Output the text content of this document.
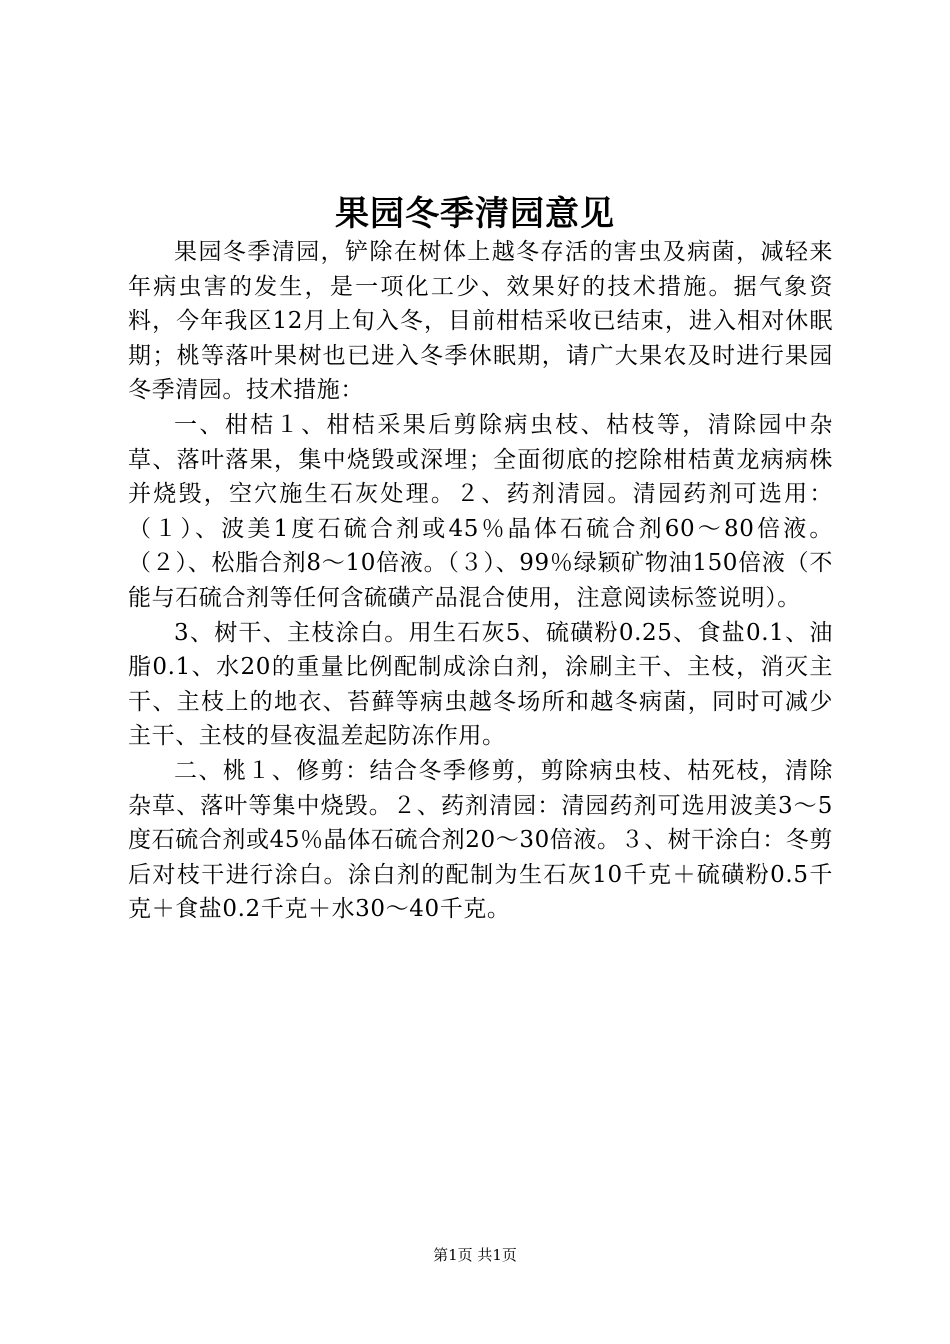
果园冬季清园意见

果园冬季清园，铲除在树体上越冬存活的害虫及病菌，减轻来年病虫害的发生，是一项化工少、效果好的技术措施。据气象资料，今年我区12月上旬入冬，目前柑桔采收已结束，进入相对休眠期；桃等落叶果树也已进入冬季休眠期，请广大果农及时进行果园冬季清园。技术措施：

一、柑桔１、柑桔采果后剪除病虫枝、枯枝等，清除园中杂草、落叶落果，集中烧毁或深埋；全面彻底的挖除柑桔黄龙病病株并烧毁，空穴施生石灰处理。２、药剂清园。清园药剂可选用：（１）、波美1度石硫合剂或45％晶体石硫合剂60～80倍液。（２）、松脂合剂8～10倍液。（３）、99％绿颖矿物油150倍液（不能与石硫合剂等任何含硫磺产品混合使用，注意阅读标签说明）。

3、树干、主枝涂白。用生石灰5、硫磺粉0.25、食盐0.1、油脂0.1、水20的重量比例配制成涂白剂，涂刷主干、主枝，消灭主干、主枝上的地衣、苔藓等病虫越冬场所和越冬病菌，同时可减少主干、主枝的昼夜温差起防冻作用。

二、桃１、修剪：结合冬季修剪，剪除病虫枝、枯死枝，清除杂草、落叶等集中烧毁。２、药剂清园：清园药剂可选用波美3～5度石硫合剂或45％晶体石硫合剂20～30倍液。３、树干涂白：冬剪后对枝干进行涂白。涂白剂的配制为生石灰10千克＋硫磺粉0.5千克＋食盐0.2千克＋水30～40千克。

第1页 共1页
